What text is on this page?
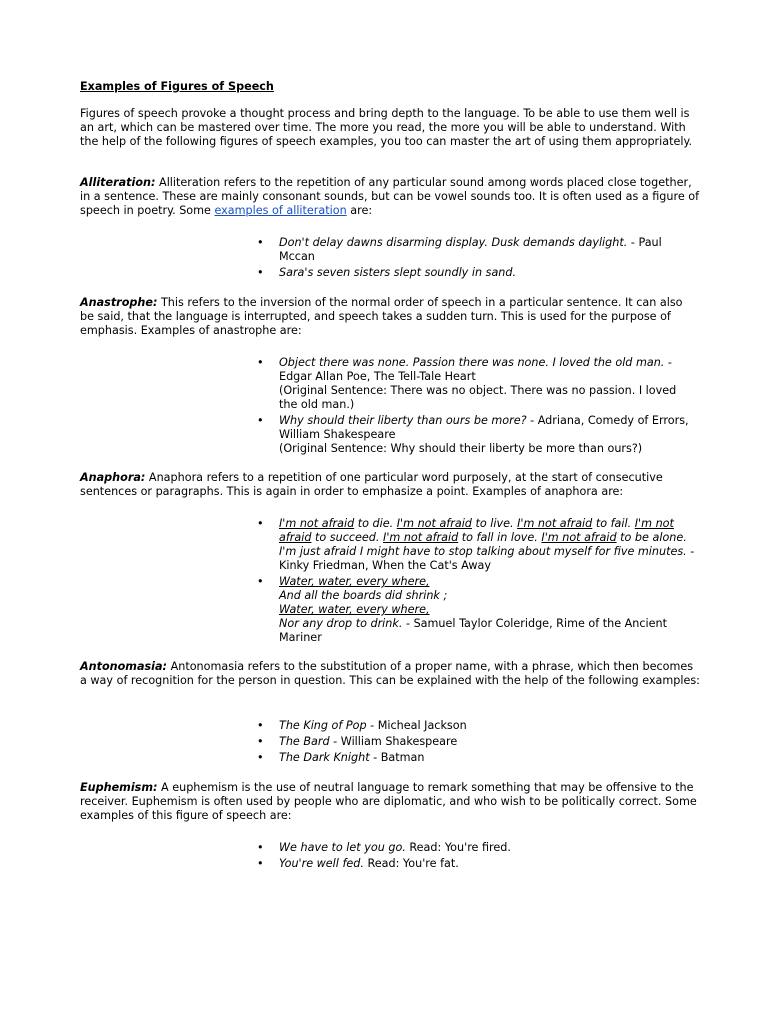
Examples of Figures of Speech
Figures of speech provoke a thought process and bring depth to the language. To be able to use them well is an art, which can be mastered over time. The more you read, the more you will be able to understand. With the help of the following figures of speech examples, you too can master the art of using them appropriately.
Alliteration: Alliteration refers to the repetition of any particular sound among words placed close together, in a sentence. These are mainly consonant sounds, but can be vowel sounds too. It is often used as a figure of speech in poetry. Some examples of alliteration are:
• Don't delay dawns disarming display. Dusk demands daylight. - Paul Mccan
• Sara's seven sisters slept soundly in sand.
Anastrophe: This refers to the inversion of the normal order of speech in a particular sentence. It can also be said, that the language is interrupted, and speech takes a sudden turn. This is used for the purpose of emphasis. Examples of anastrophe are:
• Object there was none. Passion there was none. I loved the old man. - Edgar Allan Poe, The Tell-Tale Heart
(Original Sentence: There was no object. There was no passion. I loved the old man.)
• Why should their liberty than ours be more? - Adriana, Comedy of Errors, William Shakespeare
(Original Sentence: Why should their liberty be more than ours?)
Anaphora: Anaphora refers to a repetition of one particular word purposely, at the start of consecutive sentences or paragraphs. This is again in order to emphasize a point. Examples of anaphora are:
• I'm not afraid to die. I'm not afraid to live. I'm not afraid to fail. I'm not afraid to succeed. I'm not afraid to fall in love. I'm not afraid to be alone. I'm just afraid I might have to stop talking about myself for five minutes. - Kinky Friedman, When the Cat's Away
• Water, water, every where,
And all the boards did shrink ;
Water, water, every where,
Nor any drop to drink. - Samuel Taylor Coleridge, Rime of the Ancient Mariner
Antonomasia: Antonomasia refers to the substitution of a proper name, with a phrase, which then becomes a way of recognition for the person in question. This can be explained with the help of the following examples:
• The King of Pop - Micheal Jackson
• The Bard - William Shakespeare
• The Dark Knight - Batman
Euphemism: A euphemism is the use of neutral language to remark something that may be offensive to the receiver. Euphemism is often used by people who are diplomatic, and who wish to be politically correct. Some examples of this figure of speech are:
• We have to let you go. Read: You're fired.
• You're well fed. Read: You're fat.
